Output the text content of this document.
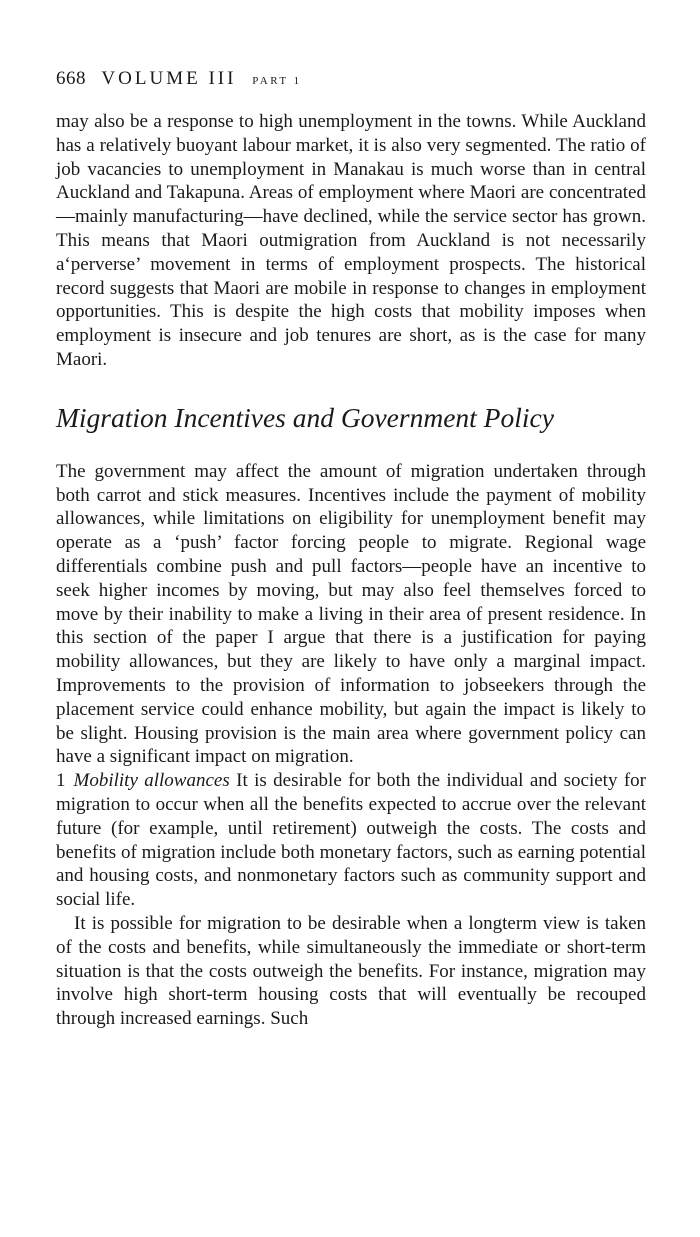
668 VOLUME III PART 1

may also be a response to high unemployment in the towns. While Auckland has a relatively buoyant labour market, it is also very segmented. The ratio of job vacancies to unemployment in Manakau is much worse than in central Auckland and Takapuna. Areas of employment where Maori are concentrated—mainly manufacturing—have declined, while the service sector has grown. This means that Maori outmigration from Auckland is not necessarily a‘perverse’ movement in terms of employment prospects. The historical record suggests that Maori are mobile in response to changes in employment opportunities. This is despite the high costs that mobility imposes when employment is insecure and job tenures are short, as is the case for many Maori.

Migration Incentives and Government Policy

The government may affect the amount of migration undertaken through both carrot and stick measures. Incentives include the payment of mobility allowances, while limitations on eligibility for unemployment benefit may operate as a ‘push’ factor forcing people to migrate. Regional wage differentials combine push and pull factors—people have an incentive to seek higher incomes by moving, but may also feel themselves forced to move by their inability to make a living in their area of present residence. In this section of the paper I argue that there is a justification for paying mobility allowances, but they are likely to have only a marginal impact. Improvements to the provision of information to jobseekers through the placement service could enhance mobility, but again the impact is likely to be slight. Housing provision is the main area where government policy can have a significant impact on migration.

1 Mobility allowances It is desirable for both the individual and society for migration to occur when all the benefits expected to accrue over the relevant future (for example, until retirement) outweigh the costs. The costs and benefits of migration include both monetary factors, such as earning potential and housing costs, and nonmonetary factors such as community support and social life.

It is possible for migration to be desirable when a longterm view is taken of the costs and benefits, while simultaneously the immediate or short-term situation is that the costs outweigh the benefits. For instance, migration may involve high short-term housing costs that will eventually be recouped through increased earnings. Such
